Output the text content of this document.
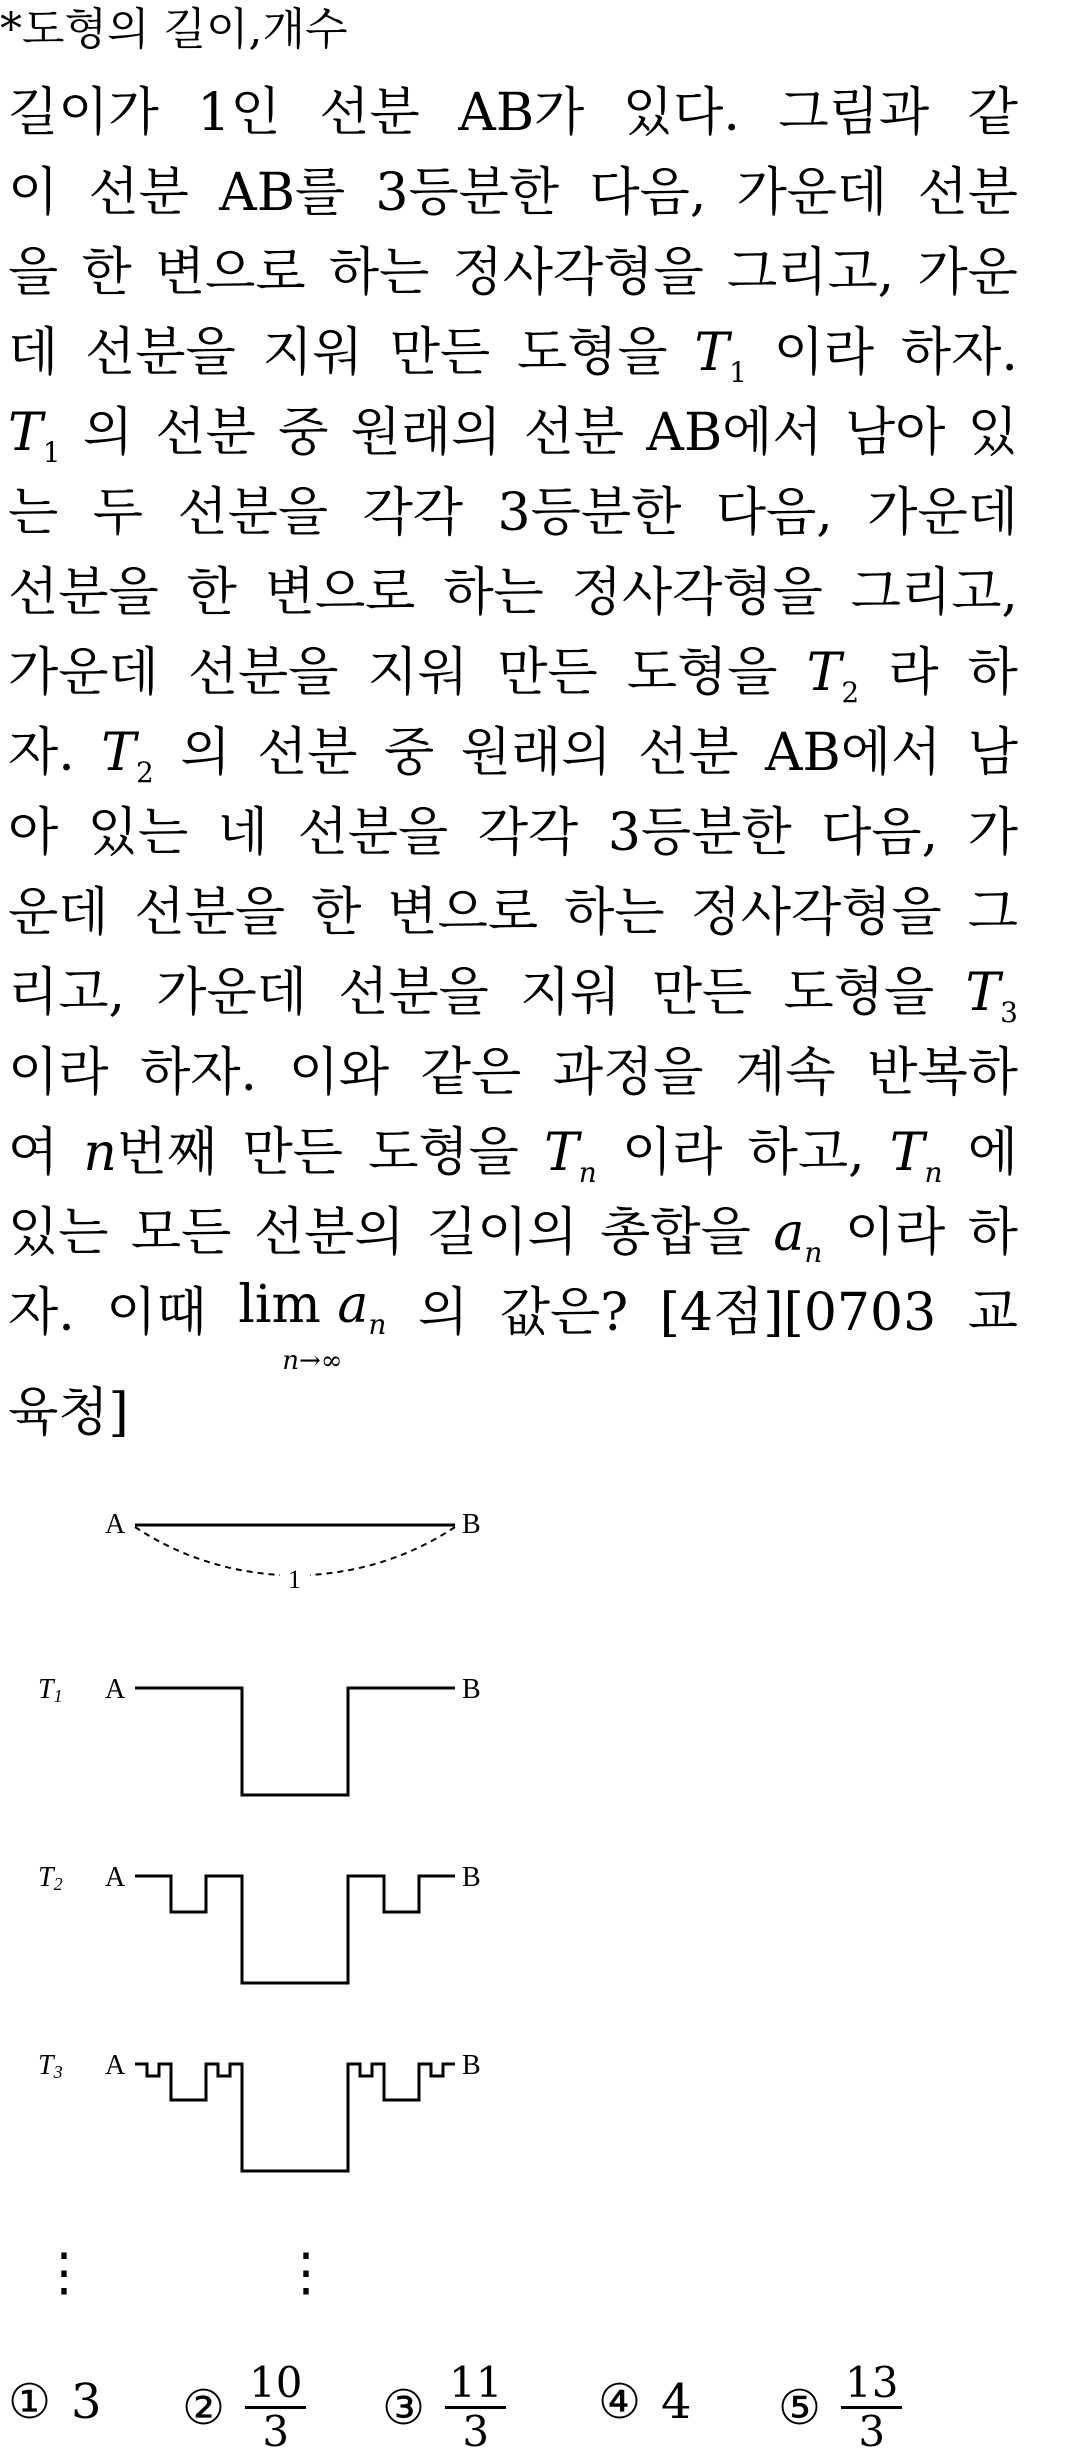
*도형의 길이,개수
길이가 1인 선분 AB가 있다. 그림과 같
이 선분 AB를 3등분한 다음, 가운데 선분
을 한 변으로 하는 정사각형을 그리고, 가운
데 선분을 지워 만든 도형을 $T_1$ 이라 하자.
$T_1$ 의 선분 중 원래의 선분 AB에서 남아 있
는 두 선분을 각각 3등분한 다음, 가운데
선분을 한 변으로 하는 정사각형을 그리고,
가운데 선분을 지워 만든 도형을 $T_2$ 라 하
자. $T_2$ 의 선분 중 원래의 선분 AB에서 남
아 있는 네 선분을 각각 3등분한 다음, 가
운데 선분을 한 변으로 하는 정사각형을 그
리고, 가운데 선분을 지워 만든 도형을 $T_3$
이라 하자. 이와 같은 과정을 계속 반복하
여 n번째 만든 도형을 $T_n$ 이라 하고, $T_n$ 에
있는 모든 선분의 길이의 총합을 $a_n$ 이라 하
자. 이때 $\lim a_n$
n→∞
의 값은? [4점][0703 교
육청]
A	B
1
T1 A	B
T2 A	B
T3 A	B
⋮	⋮
① 3 ② $\frac{10}{3}$ ③ $\frac{11}{3}$ ④ 4 ⑤ $\frac{13}{3}$
